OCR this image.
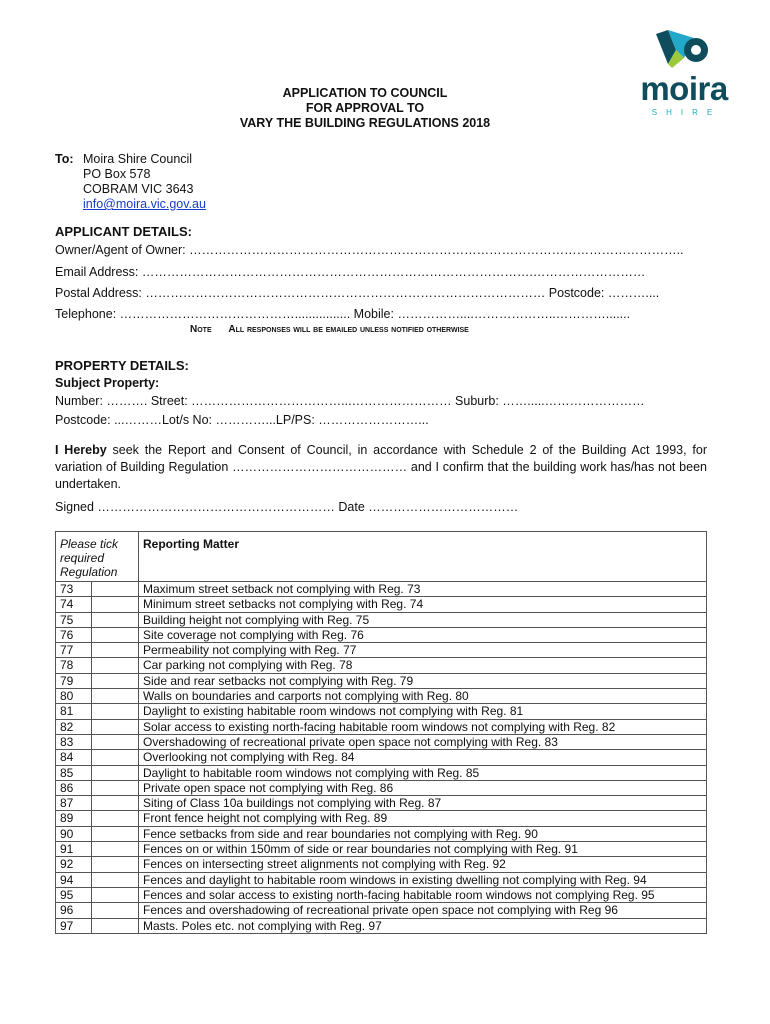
moira
SHIRE
APPLICATION TO COUNCIL
FOR APPROVAL TO
VARY THE BUILDING REGULATIONS 2018
To: Moira Shire Council
PO Box 578
COBRAM VIC 3643
info@moira.vic.gov.au
APPLICANT DETAILS:
Owner/Agent of Owner: ………………………………………………………………………………………………………..
Email Address: ………………………………………………………………………………….………………………
Postal Address: …………………………………………………………………………………… Postcode: ………....
Telephone: ……………………………………................ Mobile: ……………....………………..………….......
Note All responses will be emailed unless notified otherwise
PROPERTY DETAILS:
Subject Property:
Number: ………. Street: ………………………………...…………………… Suburb: …….....……………………
Postcode: ...………Lot/s No: …………...LP/PS: ……………………...
I Hereby seek the Report and Consent of Council, in accordance with Schedule 2 of the Building Act 1993, for variation of Building Regulation …………………………………… and I confirm that the building work has/has not been undertaken.
Signed ………………………………………………… Date ………………………………
Please tick required Regulation		Reporting Matter
73		Maximum street setback not complying with Reg. 73
74		Minimum street setbacks not complying with Reg. 74
75		Building height not complying with Reg. 75
76		Site coverage not complying with Reg. 76
77		Permeability not complying with Reg. 77
78		Car parking not complying with Reg. 78
79		Side and rear setbacks not complying with Reg. 79
80		Walls on boundaries and carports not complying with Reg. 80
81		Daylight to existing habitable room windows not complying with Reg. 81
82		Solar access to existing north-facing habitable room windows not complying with Reg. 82
83		Overshadowing of recreational private open space not complying with Reg. 83
84		Overlooking not complying with Reg. 84
85		Daylight to habitable room windows not complying with Reg. 85
86		Private open space not complying with Reg. 86
87		Siting of Class 10a buildings not complying with Reg. 87
89		Front fence height not complying with Reg. 89
90		Fence setbacks from side and rear boundaries not complying with Reg. 90
91		Fences on or within 150mm of side or rear boundaries not complying with Reg. 91
92		Fences on intersecting street alignments not complying with Reg. 92
94		Fences and daylight to habitable room windows in existing dwelling not complying with Reg. 94
95		Fences and solar access to existing north-facing habitable room windows not complying Reg. 95
96		Fences and overshadowing of recreational private open space not complying with Reg 96
97		Masts. Poles etc. not complying with Reg. 97
